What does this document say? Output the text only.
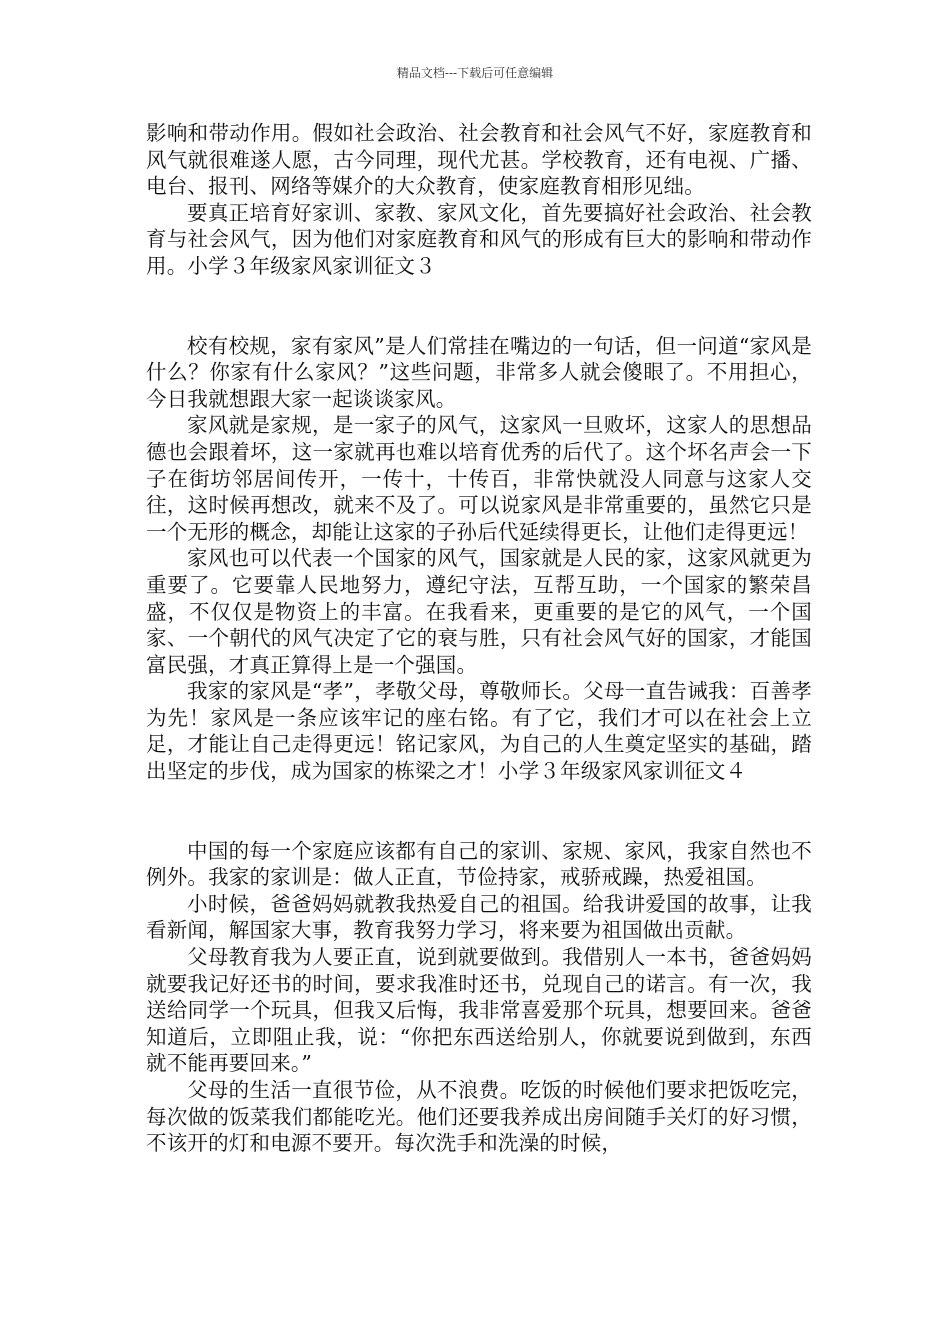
精品文档---下载后可任意编辑

影响和带动作用。假如社会政治、社会教育和社会风气不好，家庭教育和风气就很难遂人愿，古今同理，现代尤甚。学校教育，还有电视、广播、电台、报刊、网络等媒介的大众教育，使家庭教育相形见绌。

要真正培育好家训、家教、家风文化，首先要搞好社会政治、社会教育与社会风气，因为他们对家庭教育和风气的形成有巨大的影响和带动作用。小学３年级家风家训征文３

校有校规，家有家风”是人们常挂在嘴边的一句话，但一问道“家风是什么？你家有什么家风？”这些问题，非常多人就会傻眼了。不用担心，今日我就想跟大家一起谈谈家风。

家风就是家规，是一家子的风气，这家风一旦败坏，这家人的思想品德也会跟着坏，这一家就再也难以培育优秀的后代了。这个坏名声会一下子在街坊邻居间传开，一传十，十传百，非常快就没人同意与这家人交往，这时候再想改，就来不及了。可以说家风是非常重要的，虽然它只是一个无形的概念，却能让这家的子孙后代延续得更长，让他们走得更远！

家风也可以代表一个国家的风气，国家就是人民的家，这家风就更为重要了。它要靠人民地努力，遵纪守法，互帮互助，一个国家的繁荣昌盛，不仅仅是物资上的丰富。在我看来，更重要的是它的风气，一个国家、一个朝代的风气决定了它的衰与胜，只有社会风气好的国家，才能国富民强，才真正算得上是一个强国。

我家的家风是“孝”，孝敬父母，尊敬师长。父母一直告诫我：百善孝为先！家风是一条应该牢记的座右铭。有了它，我们才可以在社会上立足，才能让自己走得更远！铭记家风，为自己的人生奠定坚实的基础，踏出坚定的步伐，成为国家的栋梁之才！小学３年级家风家训征文４

中国的每一个家庭应该都有自己的家训、家规、家风，我家自然也不例外。我家的家训是：做人正直，节俭持家，戒骄戒躁，热爱祖国。

小时候，爸爸妈妈就教我热爱自己的祖国。给我讲爱国的故事，让我看新闻，解国家大事，教育我努力学习，将来要为祖国做出贡献。

父母教育我为人要正直，说到就要做到。我借别人一本书，爸爸妈妈就要我记好还书的时间，要求我准时还书，兑现自己的诺言。有一次，我送给同学一个玩具，但我又后悔，我非常喜爱那个玩具，想要回来。爸爸知道后，立即阻止我，说：“你把东西送给别人，你就要说到做到，东西就不能再要回来。”

父母的生活一直很节俭，从不浪费。吃饭的时候他们要求把饭吃完，每次做的饭菜我们都能吃光。他们还要我养成出房间随手关灯的好习惯，不该开的灯和电源不要开。每次洗手和洗澡的时候，
